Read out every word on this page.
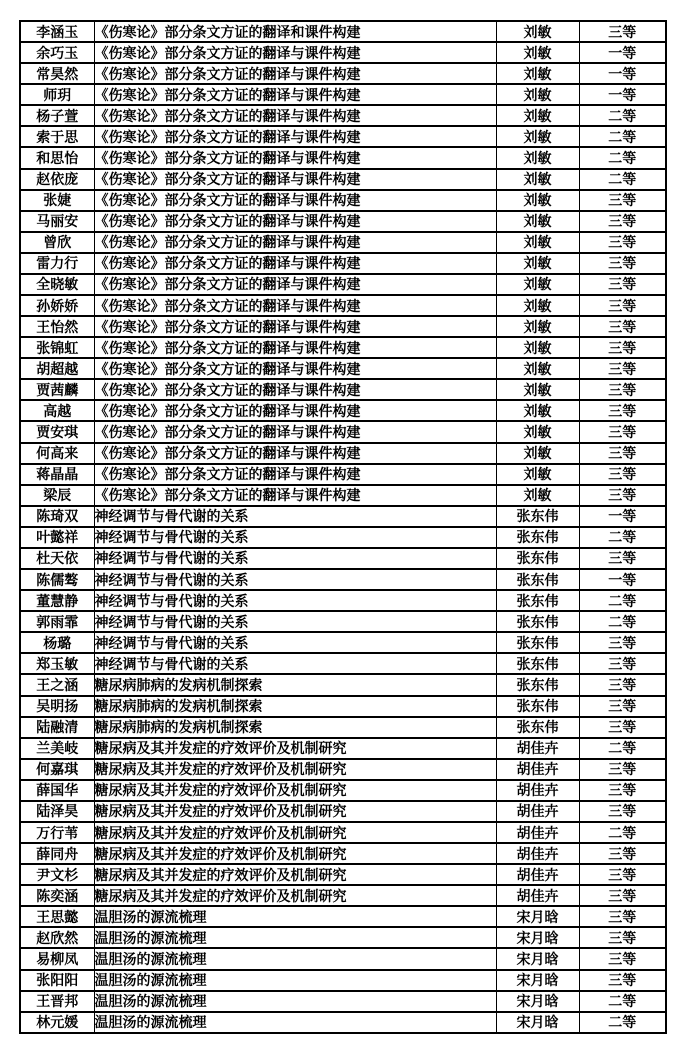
李涵玉	《伤寒论》部分条文方证的翻译和课件构建	刘敏	三等
余巧玉	《伤寒论》部分条文方证的翻译与课件构建	刘敏	一等
常昊然	《伤寒论》部分条文方证的翻译与课件构建	刘敏	一等
师玥	《伤寒论》部分条文方证的翻译与课件构建	刘敏	一等
杨子萱	《伤寒论》部分条文方证的翻译与课件构建	刘敏	二等
索于思	《伤寒论》部分条文方证的翻译与课件构建	刘敏	二等
和思怡	《伤寒论》部分条文方证的翻译与课件构建	刘敏	二等
赵依庞	《伤寒论》部分条文方证的翻译与课件构建	刘敏	二等
张婕	《伤寒论》部分条文方证的翻译与课件构建	刘敏	三等
马丽安	《伤寒论》部分条文方证的翻译与课件构建	刘敏	三等
曾欣	《伤寒论》部分条文方证的翻译与课件构建	刘敏	三等
雷力行	《伤寒论》部分条文方证的翻译与课件构建	刘敏	三等
全晓敏	《伤寒论》部分条文方证的翻译与课件构建	刘敏	三等
孙娇娇	《伤寒论》部分条文方证的翻译与课件构建	刘敏	三等
王怡然	《伤寒论》部分条文方证的翻译与课件构建	刘敏	三等
张锦虹	《伤寒论》部分条文方证的翻译与课件构建	刘敏	三等
胡超越	《伤寒论》部分条文方证的翻译与课件构建	刘敏	三等
贾茜麟	《伤寒论》部分条文方证的翻译与课件构建	刘敏	三等
高越	《伤寒论》部分条文方证的翻译与课件构建	刘敏	三等
贾安琪	《伤寒论》部分条文方证的翻译与课件构建	刘敏	三等
何高来	《伤寒论》部分条文方证的翻译与课件构建	刘敏	三等
蒋晶晶	《伤寒论》部分条文方证的翻译与课件构建	刘敏	三等
梁辰	《伤寒论》部分条文方证的翻译与课件构建	刘敏	三等
陈琦双	神经调节与骨代谢的关系	张东伟	一等
叶懿祥	神经调节与骨代谢的关系	张东伟	二等
杜天依	神经调节与骨代谢的关系	张东伟	三等
陈儒骜	神经调节与骨代谢的关系	张东伟	一等
董慧静	神经调节与骨代谢的关系	张东伟	二等
郭雨霏	神经调节与骨代谢的关系	张东伟	二等
杨璐	神经调节与骨代谢的关系	张东伟	三等
郑玉敏	神经调节与骨代谢的关系	张东伟	三等
王之涵	糖尿病肺病的发病机制探索	张东伟	三等
吴明扬	糖尿病肺病的发病机制探索	张东伟	三等
陆融清	糖尿病肺病的发病机制探索	张东伟	三等
兰美岐	糖尿病及其并发症的疗效评价及机制研究	胡佳卉	二等
何嘉琪	糖尿病及其并发症的疗效评价及机制研究	胡佳卉	三等
薛国华	糖尿病及其并发症的疗效评价及机制研究	胡佳卉	三等
陆泽昊	糖尿病及其并发症的疗效评价及机制研究	胡佳卉	三等
万行苇	糖尿病及其并发症的疗效评价及机制研究	胡佳卉	二等
薛同舟	糖尿病及其并发症的疗效评价及机制研究	胡佳卉	三等
尹文杉	糖尿病及其并发症的疗效评价及机制研究	胡佳卉	三等
陈奕涵	糖尿病及其并发症的疗效评价及机制研究	胡佳卉	三等
王思懿	温胆汤的源流梳理	宋月晗	三等
赵欣然	温胆汤的源流梳理	宋月晗	三等
易柳凤	温胆汤的源流梳理	宋月晗	三等
张阳阳	温胆汤的源流梳理	宋月晗	三等
王晋邦	温胆汤的源流梳理	宋月晗	二等
林元媛	温胆汤的源流梳理	宋月晗	二等
